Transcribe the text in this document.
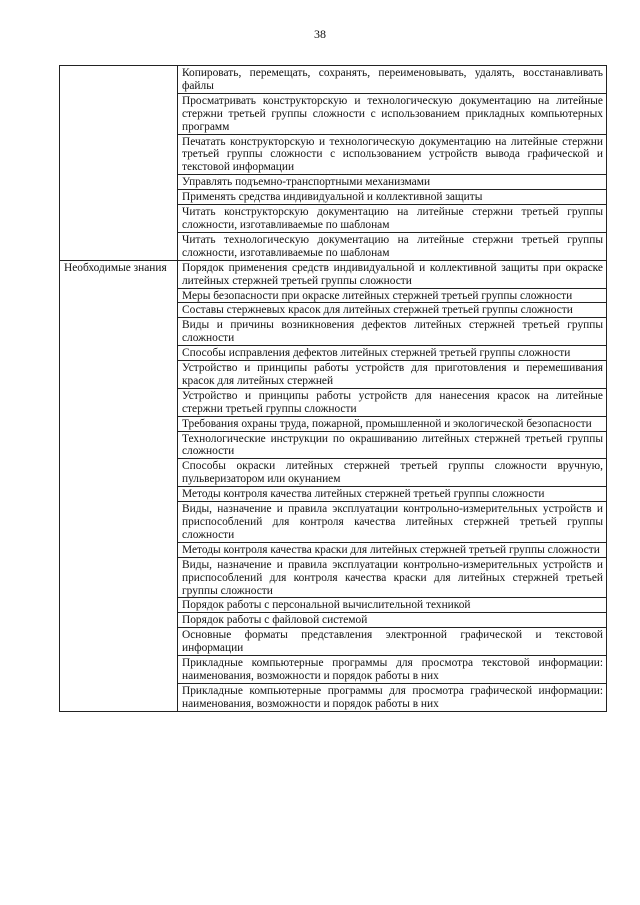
38
	Копировать, перемещать, сохранять, переименовывать, удалять, восстанавливать файлы
	Просматривать конструкторскую и технологическую документацию на литейные стержни третьей группы сложности с использованием прикладных компьютерных программ
	Печатать конструкторскую и технологическую документацию на литейные стержни третьей группы сложности с использованием устройств вывода графической и текстовой информации
	Управлять подъемно-транспортными механизмами
	Применять средства индивидуальной и коллективной защиты
	Читать конструкторскую документацию на литейные стержни третьей группы сложности, изготавливаемые по шаблонам
	Читать технологическую документацию на литейные стержни третьей группы сложности, изготавливаемые по шаблонам
Необходимые знания	Порядок применения средств индивидуальной и коллективной защиты при окраске литейных стержней третьей группы сложности
	Меры безопасности при окраске литейных стержней третьей группы сложности
	Составы стержневых красок для литейных стержней третьей группы сложности
	Виды и причины возникновения дефектов литейных стержней третьей группы сложности
	Способы исправления дефектов литейных стержней третьей группы сложности
	Устройство и принципы работы устройств для приготовления и перемешивания красок для литейных стержней
	Устройство и принципы работы устройств для нанесения красок на литейные стержни третьей группы сложности
	Требования охраны труда, пожарной, промышленной и экологической безопасности
	Технологические инструкции по окрашиванию литейных стержней третьей группы сложности
	Способы окраски литейных стержней третьей группы сложности вручную, пульверизатором или окунанием
	Методы контроля качества литейных стержней третьей группы сложности
	Виды, назначение и правила эксплуатации контрольно-измерительных устройств и приспособлений для контроля качества литейных стержней третьей группы сложности
	Методы контроля качества краски для литейных стержней третьей группы сложности
	Виды, назначение и правила эксплуатации контрольно-измерительных устройств и приспособлений для контроля качества краски для литейных стержней третьей группы сложности
	Порядок работы с персональной вычислительной техникой
	Порядок работы с файловой системой
	Основные форматы представления электронной графической и текстовой информации
	Прикладные компьютерные программы для просмотра текстовой информации: наименования, возможности и порядок работы в них
	Прикладные компьютерные программы для просмотра графической информации: наименования, возможности и порядок работы в них
